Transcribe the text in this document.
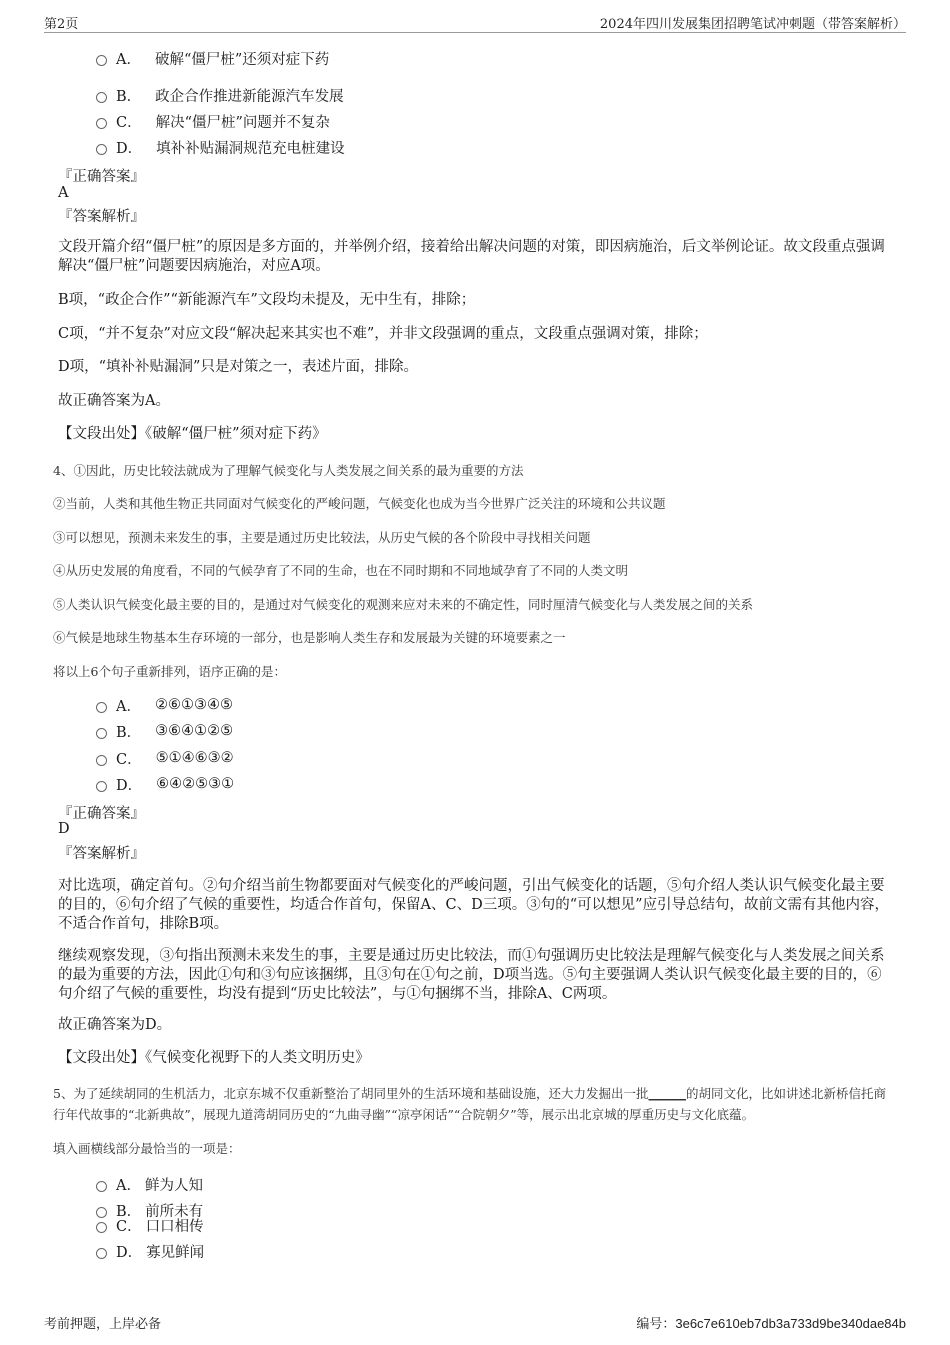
第2页	2024年四川发展集团招聘笔试冲刺题（带答案解析）
A． 破解“僵尸桩”还须对症下药
B． 政企合作推进新能源汽车发展
C． 解决“僵尸桩”问题并不复杂
D． 填补补贴漏洞规范充电桩建设
『正确答案』
A
『答案解析』
文段开篇介绍“僵尸桩”的原因是多方面的，并举例介绍，接着给出解决问题的对策，即因病施治，后文举例论证。故文段重点强调解决“僵尸桩”问题要因病施治，对应A项。
B项，“政企合作”“新能源汽车”文段均未提及，无中生有，排除；
C项，“并不复杂”对应文段“解决起来其实也不难”，并非文段强调的重点，文段重点强调对策，排除；
D项，“填补补贴漏洞”只是对策之一，表述片面，排除。
故正确答案为A。
【文段出处】《破解“僵尸桩”须对症下药》
4、①因此，历史比较法就成为了理解气候变化与人类发展之间关系的最为重要的方法
②当前，人类和其他生物正共同面对气候变化的严峻问题，气候变化也成为当今世界广泛关注的环境和公共议题
③可以想见，预测未来发生的事，主要是通过历史比较法，从历史气候的各个阶段中寻找相关问题
④从历史发展的角度看，不同的气候孕育了不同的生命，也在不同时期和不同地域孕育了不同的人类文明
⑤人类认识气候变化最主要的目的，是通过对气候变化的观测来应对未来的不确定性，同时厘清气候变化与人类发展之间的关系
⑥气候是地球生物基本生存环境的一部分，也是影响人类生存和发展最为关键的环境要素之一
将以上6个句子重新排列，语序正确的是：
A． ②⑥①③④⑤
B． ③⑥④①②⑤
C． ⑤①④⑥③②
D． ⑥④②⑤③①
『正确答案』
D
『答案解析』
对比选项，确定首句。②句介绍当前生物都要面对气候变化的严峻问题，引出气候变化的话题，⑤句介绍人类认识气候变化最主要的目的，⑥句介绍了气候的重要性，均适合作首句，保留A、C、D三项。③句的“可以想见”应引导总结句，故前文需有其他内容，不适合作首句，排除B项。
继续观察发现，③句指出预测未来发生的事，主要是通过历史比较法，而①句强调历史比较法是理解气候变化与人类发展之间关系的最为重要的方法，因此①句和③句应该捆绑，且③句在①句之前，D项当选。⑤句主要强调人类认识气候变化最主要的目的，⑥句介绍了气候的重要性，均没有提到“历史比较法”，与①句捆绑不当，排除A、C两项。
故正确答案为D。
【文段出处】《气候变化视野下的人类文明历史》
5、为了延续胡同的生机活力，北京东城不仅重新整治了胡同里外的生活环境和基础设施，还大力发掘出一批______的胡同文化，比如讲述北新桥信托商行年代故事的“北新典故”，展现九道湾胡同历史的“九曲寻幽”“凉亭闲话”“合院朝夕”等，展示出北京城的厚重历史与文化底蕴。
填入画横线部分最恰当的一项是：
A． 鲜为人知
B． 前所未有
C． 口口相传
D． 寡见鲜闻
考前押题，上岸必备	编号：3e6c7e610eb7db3a733d9be340dae84b
